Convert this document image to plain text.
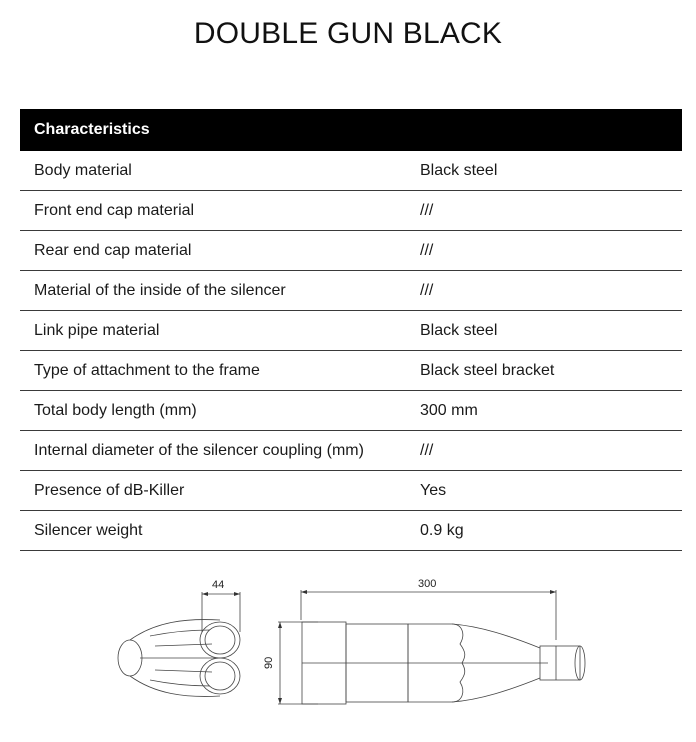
DOUBLE GUN BLACK
Characteristics
Body material	Black steel
Front end cap material	///
Rear end cap material	///
Material of the inside of the silencer	///
Link pipe material	Black steel
Type of attachment to the frame	Black steel bracket
Total body length (mm)	300 mm
Internal diameter of the silencer coupling (mm)	///
Presence of dB-Killer	Yes
Silencer weight	0.9 kg
44	300
90
